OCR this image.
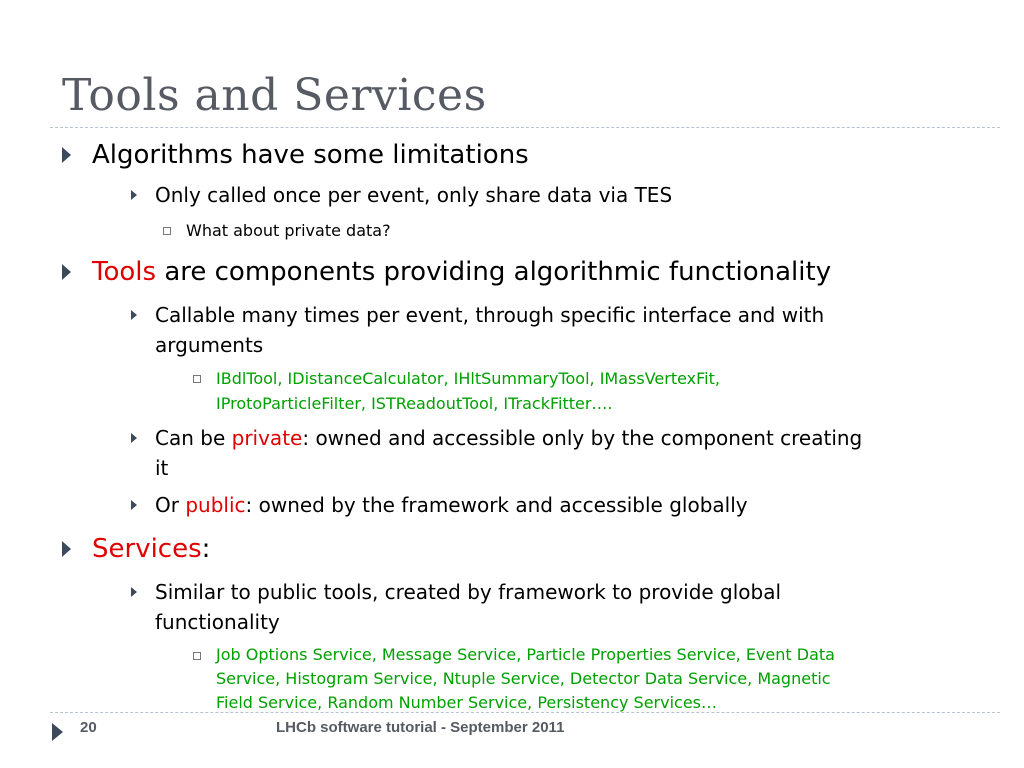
Tools and Services
Algorithms have some limitations
Only called once per event, only share data via TES
What about private data?
Tools are components providing algorithmic functionality
Callable many times per event, through specific interface and with
arguments
IBdlTool, IDistanceCalculator, IHltSummaryTool, IMassVertexFit,
IProtoParticleFilter, ISTReadoutTool, ITrackFitter….
Can be private: owned and accessible only by the component creating
it
Or public: owned by the framework and accessible globally
Services:
Similar to public tools, created by framework to provide global
functionality
Job Options Service, Message Service, Particle Properties Service, Event Data
Service, Histogram Service, Ntuple Service, Detector Data Service, Magnetic
Field Service, Random Number Service, Persistency Services…
20	LHCb software tutorial - September 2011
